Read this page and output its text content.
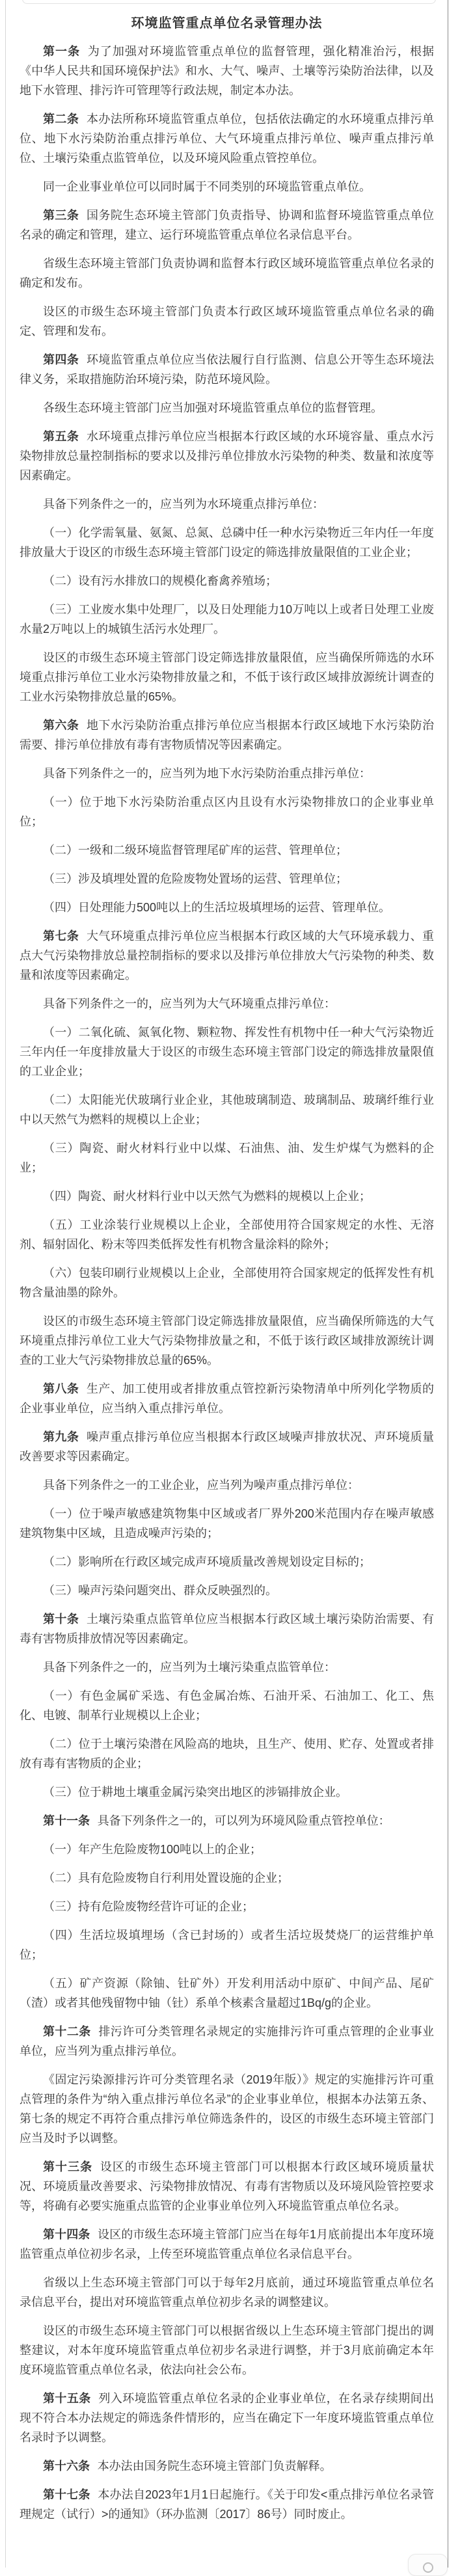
环境监管重点单位名录管理办法

第一条 为了加强对环境监管重点单位的监督管理，强化精准治污，根据《中华人民共和国环境保护法》和水、大气、噪声、土壤等污染防治法律，以及地下水管理、排污许可管理等行政法规，制定本办法。

第二条 本办法所称环境监管重点单位，包括依法确定的水环境重点排污单位、地下水污染防治重点排污单位、大气环境重点排污单位、噪声重点排污单位、土壤污染重点监管单位，以及环境风险重点管控单位。

同一企业事业单位可以同时属于不同类别的环境监管重点单位。

第三条 国务院生态环境主管部门负责指导、协调和监督环境监管重点单位名录的确定和管理，建立、运行环境监管重点单位名录信息平台。

省级生态环境主管部门负责协调和监督本行政区域环境监管重点单位名录的确定和发布。

设区的市级生态环境主管部门负责本行政区域环境监管重点单位名录的确定、管理和发布。

第四条 环境监管重点单位应当依法履行自行监测、信息公开等生态环境法律义务，采取措施防治环境污染，防范环境风险。

各级生态环境主管部门应当加强对环境监管重点单位的监督管理。

第五条 水环境重点排污单位应当根据本行政区域的水环境容量、重点水污染物排放总量控制指标的要求以及排污单位排放水污染物的种类、数量和浓度等因素确定。

具备下列条件之一的，应当列为水环境重点排污单位：

（一）化学需氧量、氨氮、总氮、总磷中任一种水污染物近三年内任一年度排放量大于设区的市级生态环境主管部门设定的筛选排放量限值的工业企业；

（二）设有污水排放口的规模化畜禽养殖场；

（三）工业废水集中处理厂，以及日处理能力10万吨以上或者日处理工业废水量2万吨以上的城镇生活污水处理厂。

设区的市级生态环境主管部门设定筛选排放量限值，应当确保所筛选的水环境重点排污单位工业水污染物排放量之和，不低于该行政区域排放源统计调查的工业水污染物排放总量的65%。

第六条 地下水污染防治重点排污单位应当根据本行政区域地下水污染防治需要、排污单位排放有毒有害物质情况等因素确定。

具备下列条件之一的，应当列为地下水污染防治重点排污单位：

（一）位于地下水污染防治重点区内且设有水污染物排放口的企业事业单位；

（二）一级和二级环境监督管理尾矿库的运营、管理单位；

（三）涉及填埋处置的危险废物处置场的运营、管理单位；

（四）日处理能力500吨以上的生活垃圾填埋场的运营、管理单位。

第七条 大气环境重点排污单位应当根据本行政区域的大气环境承载力、重点大气污染物排放总量控制指标的要求以及排污单位排放大气污染物的种类、数量和浓度等因素确定。

具备下列条件之一的，应当列为大气环境重点排污单位：

（一）二氧化硫、氮氧化物、颗粒物、挥发性有机物中任一种大气污染物近三年内任一年度排放量大于设区的市级生态环境主管部门设定的筛选排放量限值的工业企业；

（二）太阳能光伏玻璃行业企业，其他玻璃制造、玻璃制品、玻璃纤维行业中以天然气为燃料的规模以上企业；

（三）陶瓷、耐火材料行业中以煤、石油焦、油、发生炉煤气为燃料的企业；

（四）陶瓷、耐火材料行业中以天然气为燃料的规模以上企业；

（五）工业涂装行业规模以上企业，全部使用符合国家规定的水性、无溶剂、辐射固化、粉末等四类低挥发性有机物含量涂料的除外；

（六）包装印刷行业规模以上企业，全部使用符合国家规定的低挥发性有机物含量油墨的除外。

设区的市级生态环境主管部门设定筛选排放量限值，应当确保所筛选的大气环境重点排污单位工业大气污染物排放量之和，不低于该行政区域排放源统计调查的工业大气污染物排放总量的65%。

第八条 生产、加工使用或者排放重点管控新污染物清单中所列化学物质的企业事业单位，应当纳入重点排污单位。

第九条 噪声重点排污单位应当根据本行政区域噪声排放状况、声环境质量改善要求等因素确定。

具备下列条件之一的工业企业，应当列为噪声重点排污单位：

（一）位于噪声敏感建筑物集中区域或者厂界外200米范围内存在噪声敏感建筑物集中区域，且造成噪声污染的；

（二）影响所在行政区域完成声环境质量改善规划设定目标的；

（三）噪声污染问题突出、群众反映强烈的。

第十条 土壤污染重点监管单位应当根据本行政区域土壤污染防治需要、有毒有害物质排放情况等因素确定。

具备下列条件之一的，应当列为土壤污染重点监管单位：

（一）有色金属矿采选、有色金属冶炼、石油开采、石油加工、化工、焦化、电镀、制革行业规模以上企业；

（二）位于土壤污染潜在风险高的地块，且生产、使用、贮存、处置或者排放有毒有害物质的企业；

（三）位于耕地土壤重金属污染突出地区的涉镉排放企业。

第十一条 具备下列条件之一的，可以列为环境风险重点管控单位：

（一）年产生危险废物100吨以上的企业；

（二）具有危险废物自行利用处置设施的企业；

（三）持有危险废物经营许可证的企业；

（四）生活垃圾填埋场（含已封场的）或者生活垃圾焚烧厂的运营维护单位；

（五）矿产资源（除铀、钍矿外）开发利用活动中原矿、中间产品、尾矿（渣）或者其他残留物中铀（钍）系单个核素含量超过1Bq/g的企业。

第十二条 排污许可分类管理名录规定的实施排污许可重点管理的企业事业单位，应当列为重点排污单位。

《固定污染源排污许可分类管理名录（2019年版）》规定的实施排污许可重点管理的条件为“纳入重点排污单位名录”的企业事业单位，根据本办法第五条、第七条的规定不再符合重点排污单位筛选条件的，设区的市级生态环境主管部门应当及时予以调整。

第十三条 设区的市级生态环境主管部门可以根据本行政区域环境质量状况、环境质量改善要求、污染物排放情况、有毒有害物质以及环境风险管控要求等，将确有必要实施重点监管的企业事业单位列入环境监管重点单位名录。

第十四条 设区的市级生态环境主管部门应当在每年1月底前提出本年度环境监管重点单位初步名录，上传至环境监管重点单位名录信息平台。

省级以上生态环境主管部门可以于每年2月底前，通过环境监管重点单位名录信息平台，提出对环境监管重点单位初步名录的调整建议。

设区的市级生态环境主管部门可以根据省级以上生态环境主管部门提出的调整建议，对本年度环境监管重点单位初步名录进行调整，并于3月底前确定本年度环境监管重点单位名录，依法向社会公布。

第十五条 列入环境监管重点单位名录的企业事业单位，在名录存续期间出现不符合本办法规定的筛选条件情形的，应当在确定下一年度环境监管重点单位名录时予以调整。

第十六条 本办法由国务院生态环境主管部门负责解释。

第十七条 本办法自2023年1月1日起施行。《关于印发<重点排污单位名录管理规定（试行）>的通知》（环办监测〔2017〕86号）同时废止。
